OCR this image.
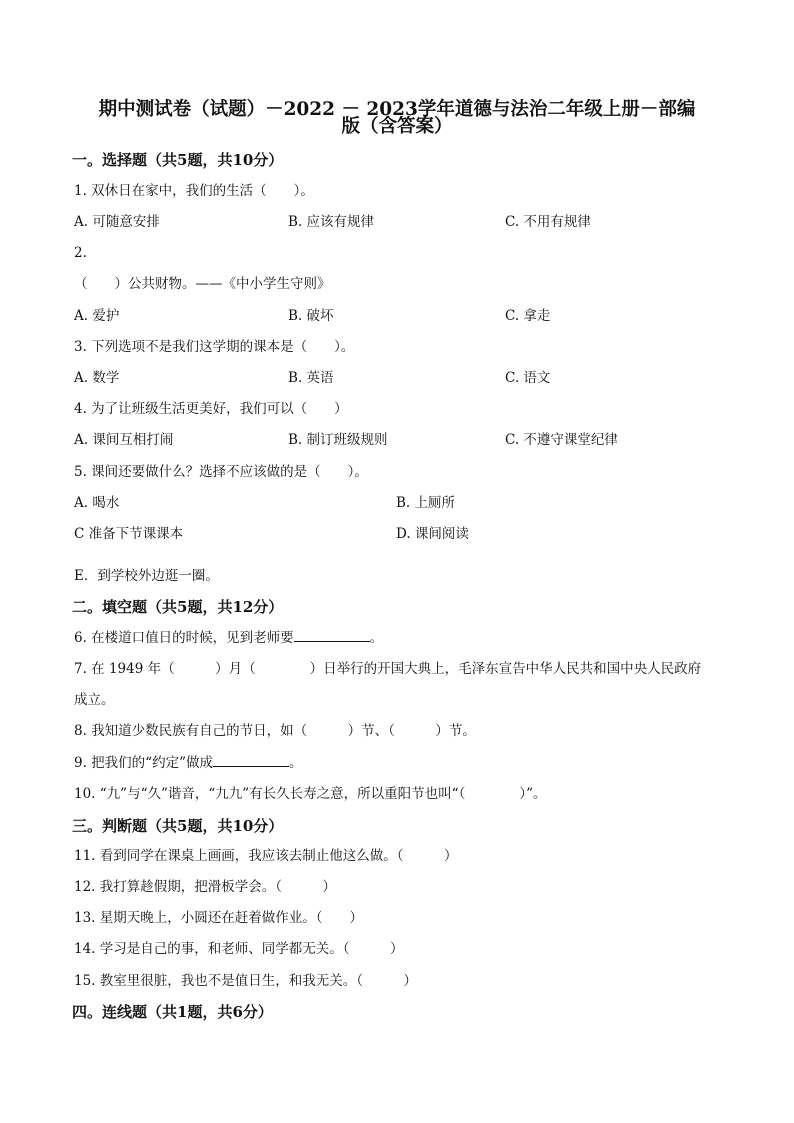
期中测试卷（试题）－2022 － 2023学年道德与法治二年级上册－部编
版（含答案）
一。选择题（共5题，共10分）
1. 双休日在家中，我们的生活（　　）。
A. 可随意安排	B. 应该有规律	C. 不用有规律
2.
（　　）公共财物。——《中小学生守则》
A. 爱护	B. 破坏	C. 拿走
3. 下列选项不是我们这学期的课本是（　　）。
A. 数学	B. 英语	C. 语文
4. 为了让班级生活更美好，我们可以（　　）
A. 课间互相打闹	B. 制订班级规则	C. 不遵守课堂纪律
5. 课间还要做什么？选择不应该做的是（　　）。
A. 喝水	B. 上厕所
C 准备下节课课本	D. 课间阅读
E．到学校外边逛一圈。
二。填空题（共5题，共12分）
6. 在楼道口值日的时候，见到老师要	。
7. 在 1949 年（　　　）月（　　　　）日举行的开国大典上，毛泽东宣告中华人民共和国中央人民政府
成立。
8. 我知道少数民族有自己的节日，如（　　　）节、（　　　）节。
9. 把我们的“约定”做成	。
10. “九”与“久”谐音，“九九”有长久长寿之意，所以重阳节也叫“（　　　　）”。
三。判断题（共5题，共10分）
11. 看到同学在课桌上画画，我应该去制止他这么做。（　　　）
12. 我打算趁假期，把滑板学会。（　　　）
13. 星期天晚上，小圆还在赶着做作业。（　　）
14. 学习是自己的事，和老师、同学都无关。（　　　）
15. 教室里很脏，我也不是值日生，和我无关。（　　　）
四。连线题（共1题，共6分）
